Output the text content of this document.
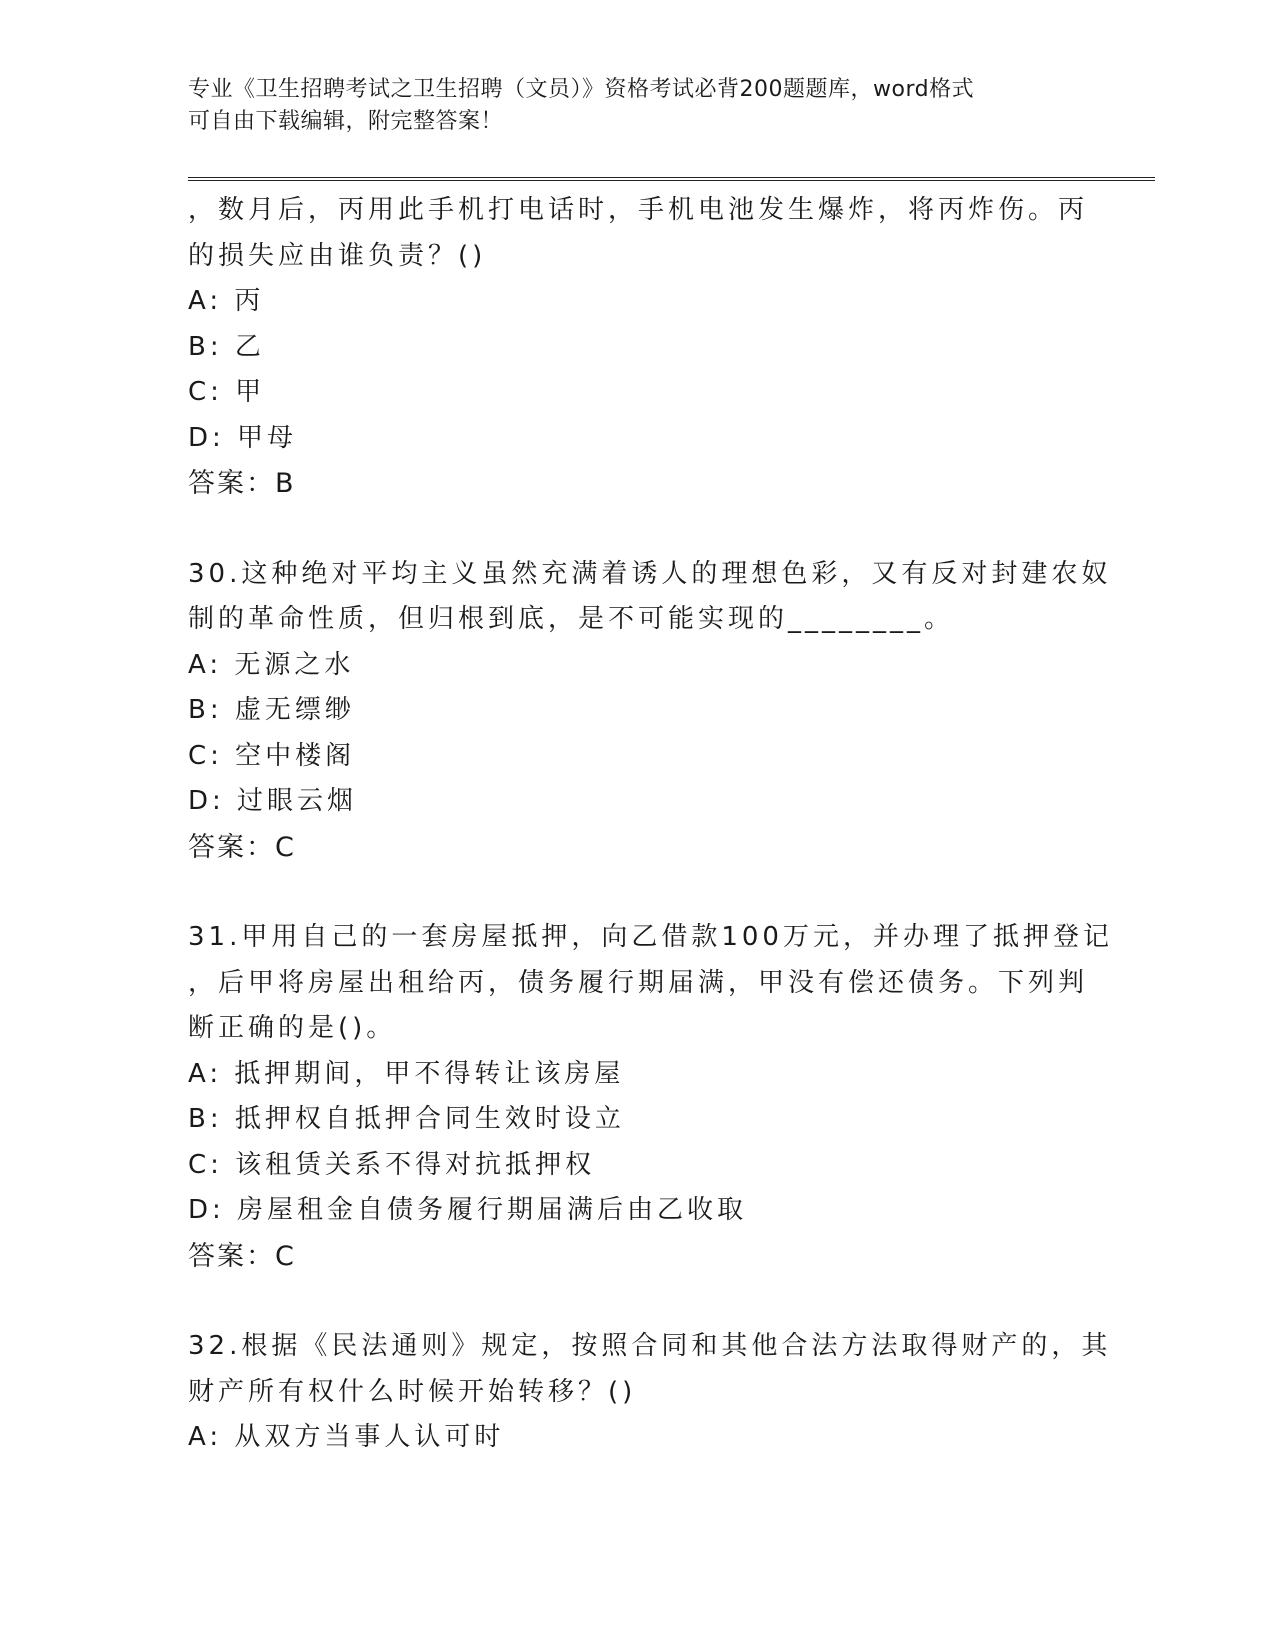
专业《卫生招聘考试之卫生招聘（文员）》资格考试必背200题题库，word格式
可自由下载编辑，附完整答案！
，数月后，丙用此手机打电话时，手机电池发生爆炸，将丙炸伤。丙
的损失应由谁负责？()
A: 丙
B: 乙
C: 甲
D: 甲母
答案：B
30.这种绝对平均主义虽然充满着诱人的理想色彩，又有反对封建农奴
制的革命性质，但归根到底，是不可能实现的________。
A: 无源之水
B: 虚无缥缈
C: 空中楼阁
D: 过眼云烟
答案：C
31.甲用自己的一套房屋抵押，向乙借款100万元，并办理了抵押登记
，后甲将房屋出租给丙，债务履行期届满，甲没有偿还债务。下列判
断正确的是()。
A: 抵押期间，甲不得转让该房屋
B: 抵押权自抵押合同生效时设立
C: 该租赁关系不得对抗抵押权
D: 房屋租金自债务履行期届满后由乙收取
答案：C
32.根据《民法通则》规定，按照合同和其他合法方法取得财产的，其
财产所有权什么时候开始转移？()
A: 从双方当事人认可时
